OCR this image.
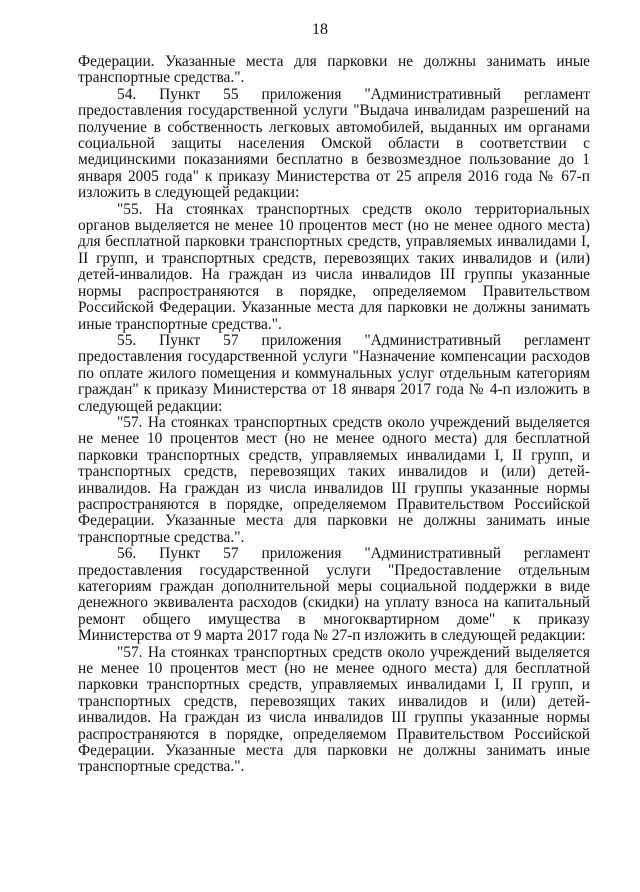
18

Федерации. Указанные места для парковки не должны занимать иные транспортные средства.".

54. Пункт 55 приложения "Административный регламент предоставления государственной услуги "Выдача инвалидам разрешений на получение в собственность легковых автомобилей, выданных им органами социальной защиты населения Омской области в соответствии с медицинскими показаниями бесплатно в безвозмездное пользование до 1 января 2005 года" к приказу Министерства от 25 апреля 2016 года № 67-п изложить в следующей редакции:

"55. На стоянках транспортных средств около территориальных органов выделяется не менее 10 процентов мест (но не менее одного места) для бесплатной парковки транспортных средств, управляемых инвалидами I, II групп, и транспортных средств, перевозящих таких инвалидов и (или) детей-инвалидов. На граждан из числа инвалидов III группы указанные нормы распространяются в порядке, определяемом Правительством Российской Федерации. Указанные места для парковки не должны занимать иные транспортные средства.".

55. Пункт 57 приложения "Административный регламент предоставления государственной услуги "Назначение компенсации расходов по оплате жилого помещения и коммунальных услуг отдельным категориям граждан" к приказу Министерства от 18 января 2017 года № 4-п изложить в следующей редакции:

"57. На стоянках транспортных средств около учреждений выделяется не менее 10 процентов мест (но не менее одного места) для бесплатной парковки транспортных средств, управляемых инвалидами I, II групп, и транспортных средств, перевозящих таких инвалидов и (или) детей-инвалидов. На граждан из числа инвалидов III группы указанные нормы распространяются в порядке, определяемом Правительством Российской Федерации. Указанные места для парковки не должны занимать иные транспортные средства.".

56. Пункт 57 приложения "Административный регламент предоставления государственной услуги "Предоставление отдельным категориям граждан дополнительной меры социальной поддержки в виде денежного эквивалента расходов (скидки) на уплату взноса на капитальный ремонт общего имущества в многоквартирном доме" к приказу Министерства от 9 марта 2017 года № 27-п изложить в следующей редакции:

"57. На стоянках транспортных средств около учреждений выделяется не менее 10 процентов мест (но не менее одного места) для бесплатной парковки транспортных средств, управляемых инвалидами I, II групп, и транспортных средств, перевозящих таких инвалидов и (или) детей-инвалидов. На граждан из числа инвалидов III группы указанные нормы распространяются в порядке, определяемом Правительством Российской Федерации. Указанные места для парковки не должны занимать иные транспортные средства.".
